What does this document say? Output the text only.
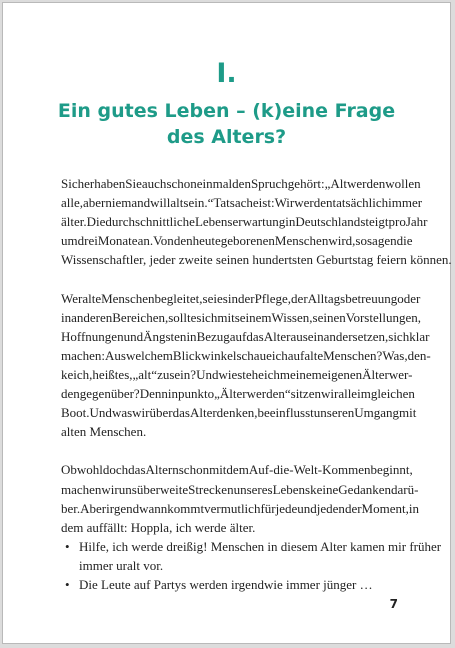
I.
Ein gutes Leben – (k)eine Frage
des Alters?
Sicher haben Sie auch schon einmal den Spruch gehört: „Alt werden wollen
alle, aber niemand will alt sein.“ Tatsache ist: Wir werden tatsächlich immer
älter. Die durchschnittliche Lebenserwartung in Deutschland steigt pro Jahr
um drei Monate an. Von den heute geborenen Menschen wird, so sagen die
Wissenschaftler, jeder zweite seinen hundertsten Geburtstag feiern können.
Wer alte Menschen begleitet, sei es in der Pflege, der Alltagsbetreuung oder
in anderen Bereichen, sollte sich mit seinem Wissen, seinen Vorstellungen,
Hoffnungen und Ängsten in Bezug auf das Alter auseinandersetzen, sich klar
machen: Aus welchem Blickwinkel schaue ich auf alte Menschen? Was, den-
ke ich, heißt es, „alt“ zu sein? Und wie stehe ich meinem eigenen Älterwer-
den gegenüber? Denn in punkto „Älterwerden“ sitzen wir alle im gleichen
Boot. Und was wir über das Alter denken, beeinflusst unseren Umgang mit
alten Menschen.
Obwohl doch das Altern schon mit dem Auf-die-Welt-Kommen beginnt,
machen wir uns über weite Strecken unseres Lebens keine Gedanken darü-
ber. Aber irgendwann kommt vermutlich für jede und jeden der Moment, in
dem auffällt: Hoppla, ich werde älter.
• Hilfe, ich werde dreißig! Menschen in diesem Alter kamen mir früher
immer uralt vor.
• Die Leute auf Partys werden irgendwie immer jünger …
7
